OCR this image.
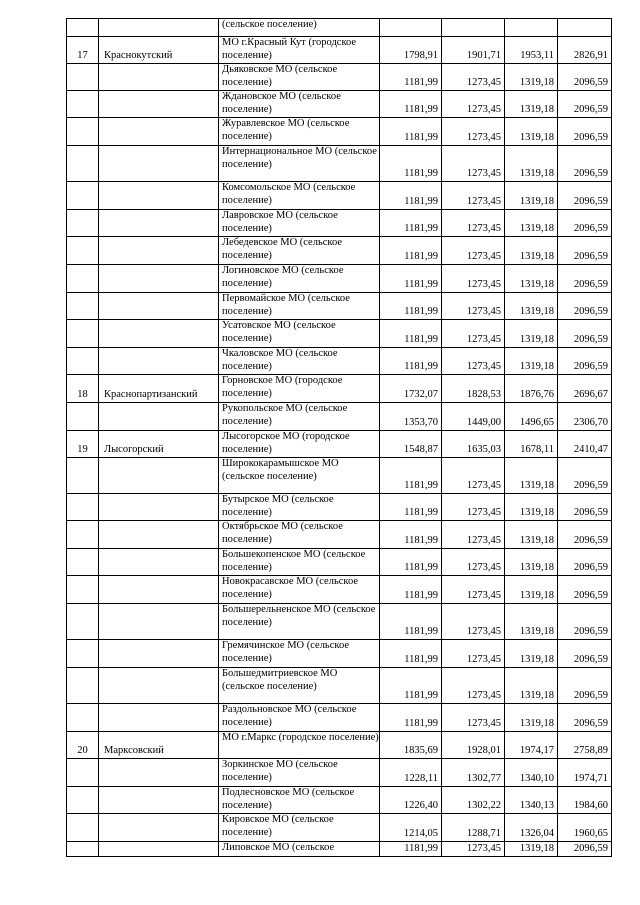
		(сельское поселение)				
17	Краснокутский	МО г.Красный Кут (городское поселение)	1798,91	1901,71	1953,11	2826,91
		Дьяковское МО (сельское поселение)	1181,99	1273,45	1319,18	2096,59
		Ждановское МО (сельское поселение)	1181,99	1273,45	1319,18	2096,59
		Журавлевское МО (сельское поселение)	1181,99	1273,45	1319,18	2096,59
		Интернациональное МО (сельское поселение)	1181,99	1273,45	1319,18	2096,59
		Комсомольское МО (сельское поселение)	1181,99	1273,45	1319,18	2096,59
		Лавровское МО (сельское поселение)	1181,99	1273,45	1319,18	2096,59
		Лебедевское МО (сельское поселение)	1181,99	1273,45	1319,18	2096,59
		Логиновское МО (сельское поселение)	1181,99	1273,45	1319,18	2096,59
		Первомайское МО (сельское поселение)	1181,99	1273,45	1319,18	2096,59
		Усатовское МО (сельское поселение)	1181,99	1273,45	1319,18	2096,59
		Чкаловское МО (сельское поселение)	1181,99	1273,45	1319,18	2096,59
18	Краснопартизанский	Горновское МО (городское поселение)	1732,07	1828,53	1876,76	2696,67
		Рукопольское МО (сельское поселение)	1353,70	1449,00	1496,65	2306,70
19	Лысогорский	Лысогорское МО (городское поселение)	1548,87	1635,03	1678,11	2410,47
		Ширококарамышское МО (сельское поселение)	1181,99	1273,45	1319,18	2096,59
		Бутырское МО (сельское поселение)	1181,99	1273,45	1319,18	2096,59
		Октябрьское МО (сельское поселение)	1181,99	1273,45	1319,18	2096,59
		Большекопенское МО (сельское поселение)	1181,99	1273,45	1319,18	2096,59
		Новокрасавское МО (сельское поселение)	1181,99	1273,45	1319,18	2096,59
		Большерельненское МО (сельское поселение)	1181,99	1273,45	1319,18	2096,59
		Гремячинское МО (сельское поселение)	1181,99	1273,45	1319,18	2096,59
		Большедмитриевское МО (сельское поселение)	1181,99	1273,45	1319,18	2096,59
		Раздольновское МО (сельское поселение)	1181,99	1273,45	1319,18	2096,59
20	Марксовский	МО г.Маркс (городское поселение)	1835,69	1928,01	1974,17	2758,89
		Зоркинское МО (сельское поселение)	1228,11	1302,77	1340,10	1974,71
		Подлесновское МО (сельское поселение)	1226,40	1302,22	1340,13	1984,60
		Кировское МО (сельское поселение)	1214,05	1288,71	1326,04	1960,65
		Липовское МО (сельское	1181,99	1273,45	1319,18	2096,59
